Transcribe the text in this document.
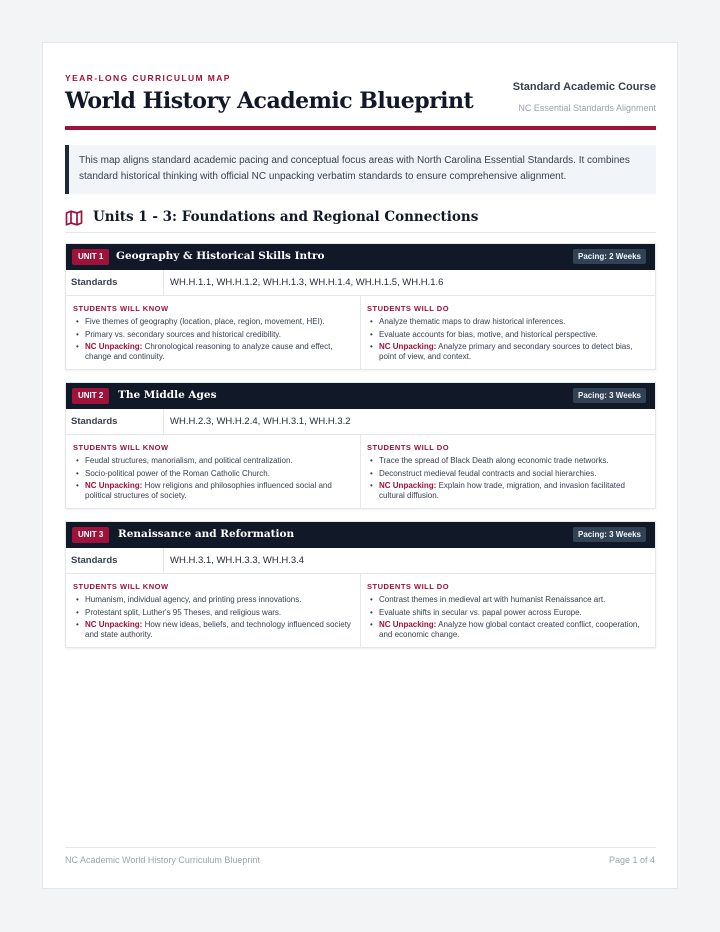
YEAR-LONG CURRICULUM MAP
World History Academic Blueprint
Standard Academic Course
NC Essential Standards Alignment
This map aligns standard academic pacing and conceptual focus areas with North Carolina Essential Standards. It combines standard historical thinking with official NC unpacking verbatim standards to ensure comprehensive alignment.
Units 1 - 3: Foundations and Regional Connections
UNIT 1	Geography & Historical Skills Intro	Pacing: 2 Weeks
Standards	WH.H.1.1, WH.H.1.2, WH.H.1.3, WH.H.1.4, WH.H.1.5, WH.H.1.6
STUDENTS WILL KNOW
• Five themes of geography (location, place, region, movement, HEI).
• Primary vs. secondary sources and historical credibility.
• NC Unpacking: Chronological reasoning to analyze cause and effect, change and continuity.
STUDENTS WILL DO
• Analyze thematic maps to draw historical inferences.
• Evaluate accounts for bias, motive, and historical perspective.
• NC Unpacking: Analyze primary and secondary sources to detect bias, point of view, and context.
UNIT 2	The Middle Ages	Pacing: 3 Weeks
Standards	WH.H.2.3, WH.H.2.4, WH.H.3.1, WH.H.3.2
STUDENTS WILL KNOW
• Feudal structures, manorialism, and political centralization.
• Socio-political power of the Roman Catholic Church.
• NC Unpacking: How religions and philosophies influenced social and political structures of society.
STUDENTS WILL DO
• Trace the spread of Black Death along economic trade networks.
• Deconstruct medieval feudal contracts and social hierarchies.
• NC Unpacking: Explain how trade, migration, and invasion facilitated cultural diffusion.
UNIT 3	Renaissance and Reformation	Pacing: 3 Weeks
Standards	WH.H.3.1, WH.H.3.3, WH.H.3.4
STUDENTS WILL KNOW
• Humanism, individual agency, and printing press innovations.
• Protestant split, Luther's 95 Theses, and religious wars.
• NC Unpacking: How new ideas, beliefs, and technology influenced society and state authority.
STUDENTS WILL DO
• Contrast themes in medieval art with humanist Renaissance art.
• Evaluate shifts in secular vs. papal power across Europe.
• NC Unpacking: Analyze how global contact created conflict, cooperation, and economic change.
NC Academic World History Curriculum Blueprint	Page 1 of 4
